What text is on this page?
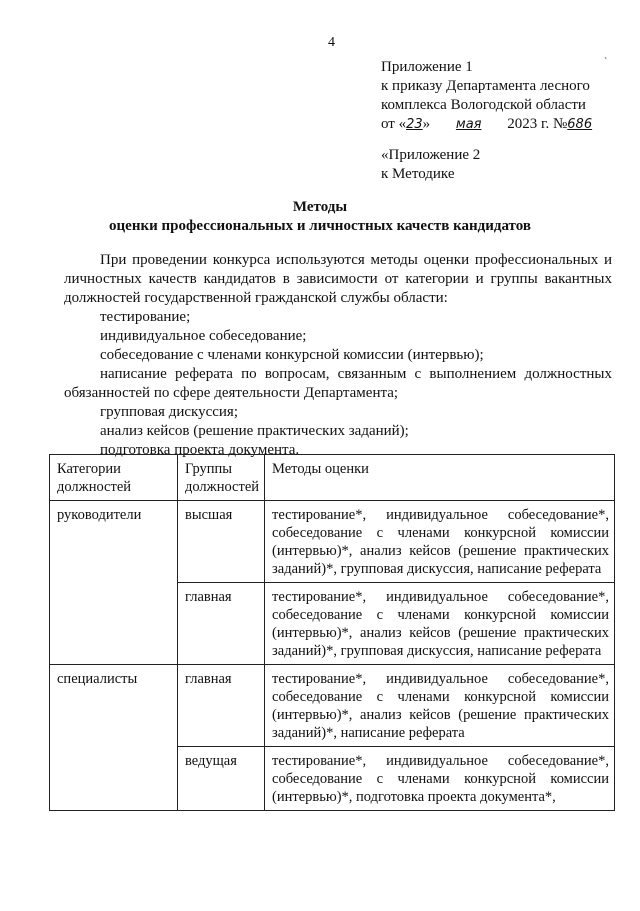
4
ˋ
Приложение 1
к приказу Департамента лесного
комплекса Вологодской области
от «23» мая 2023 г. №686
«Приложение 2
к Методике
Методы
оценки профессиональных и личностных качеств кандидатов

При проведении конкурса используются методы оценки профессиональных и личностных качеств кандидатов в зависимости от категории и группы вакантных должностей государственной гражданской службы области:

тестирование;

индивидуальное собеседование;

собеседование с членами конкурсной комиссии (интервью);

написание реферата по вопросам, связанным с выполнением должностных обязанностей по сфере деятельности Департамента;

групповая дискуссия;

анализ кейсов (решение практических заданий);

подготовка проекта документа.

Категории должностей	Группы должностей	Методы оценки
руководители	высшая	тестирование*, индивидуальное собеседование*, собеседование с членами конкурсной комиссии (интервью)*, анализ кейсов (решение практических заданий)*, групповая дискуссия, написание реферата
	главная	тестирование*, индивидуальное собеседование*, собеседование с членами конкурсной комиссии (интервью)*, анализ кейсов (решение практических заданий)*, групповая дискуссия, написание реферата
специалисты	главная	тестирование*, индивидуальное собеседование*, собеседование с членами конкурсной комиссии (интервью)*, анализ кейсов (решение практических заданий)*, написание реферата
	ведущая	тестирование*, индивидуальное собеседование*, собеседование с членами конкурсной комиссии (интервью)*, подготовка проекта документа*,
